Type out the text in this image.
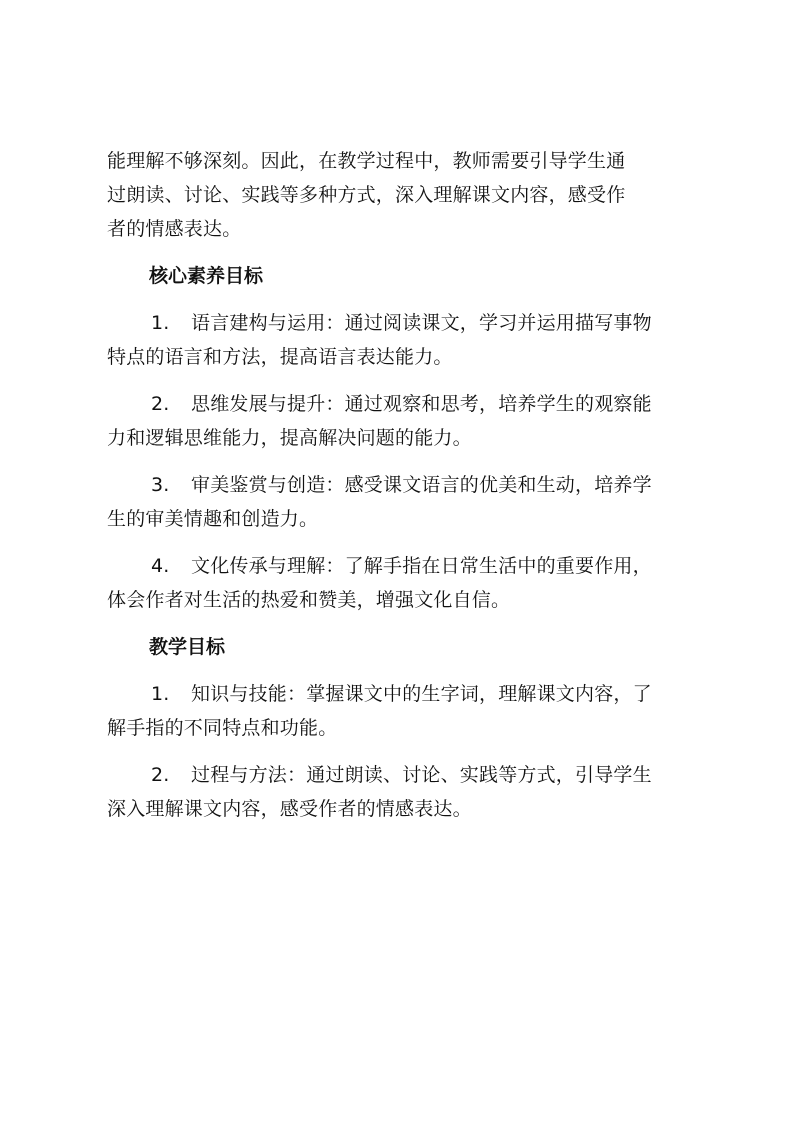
能理解不够深刻。因此，在教学过程中，教师需要引导学生通
过朗读、讨论、实践等多种方式，深入理解课文内容，感受作
者的情感表达。
核心素养目标
1. 语言建构与运用：通过阅读课文，学习并运用描写事物
特点的语言和方法，提高语言表达能力。
2. 思维发展与提升：通过观察和思考，培养学生的观察能
力和逻辑思维能力，提高解决问题的能力。
3. 审美鉴赏与创造：感受课文语言的优美和生动，培养学
生的审美情趣和创造力。
4. 文化传承与理解：了解手指在日常生活中的重要作用，
体会作者对生活的热爱和赞美，增强文化自信。
教学目标
1. 知识与技能：掌握课文中的生字词，理解课文内容，了
解手指的不同特点和功能。
2. 过程与方法：通过朗读、讨论、实践等方式，引导学生
深入理解课文内容，感受作者的情感表达。
